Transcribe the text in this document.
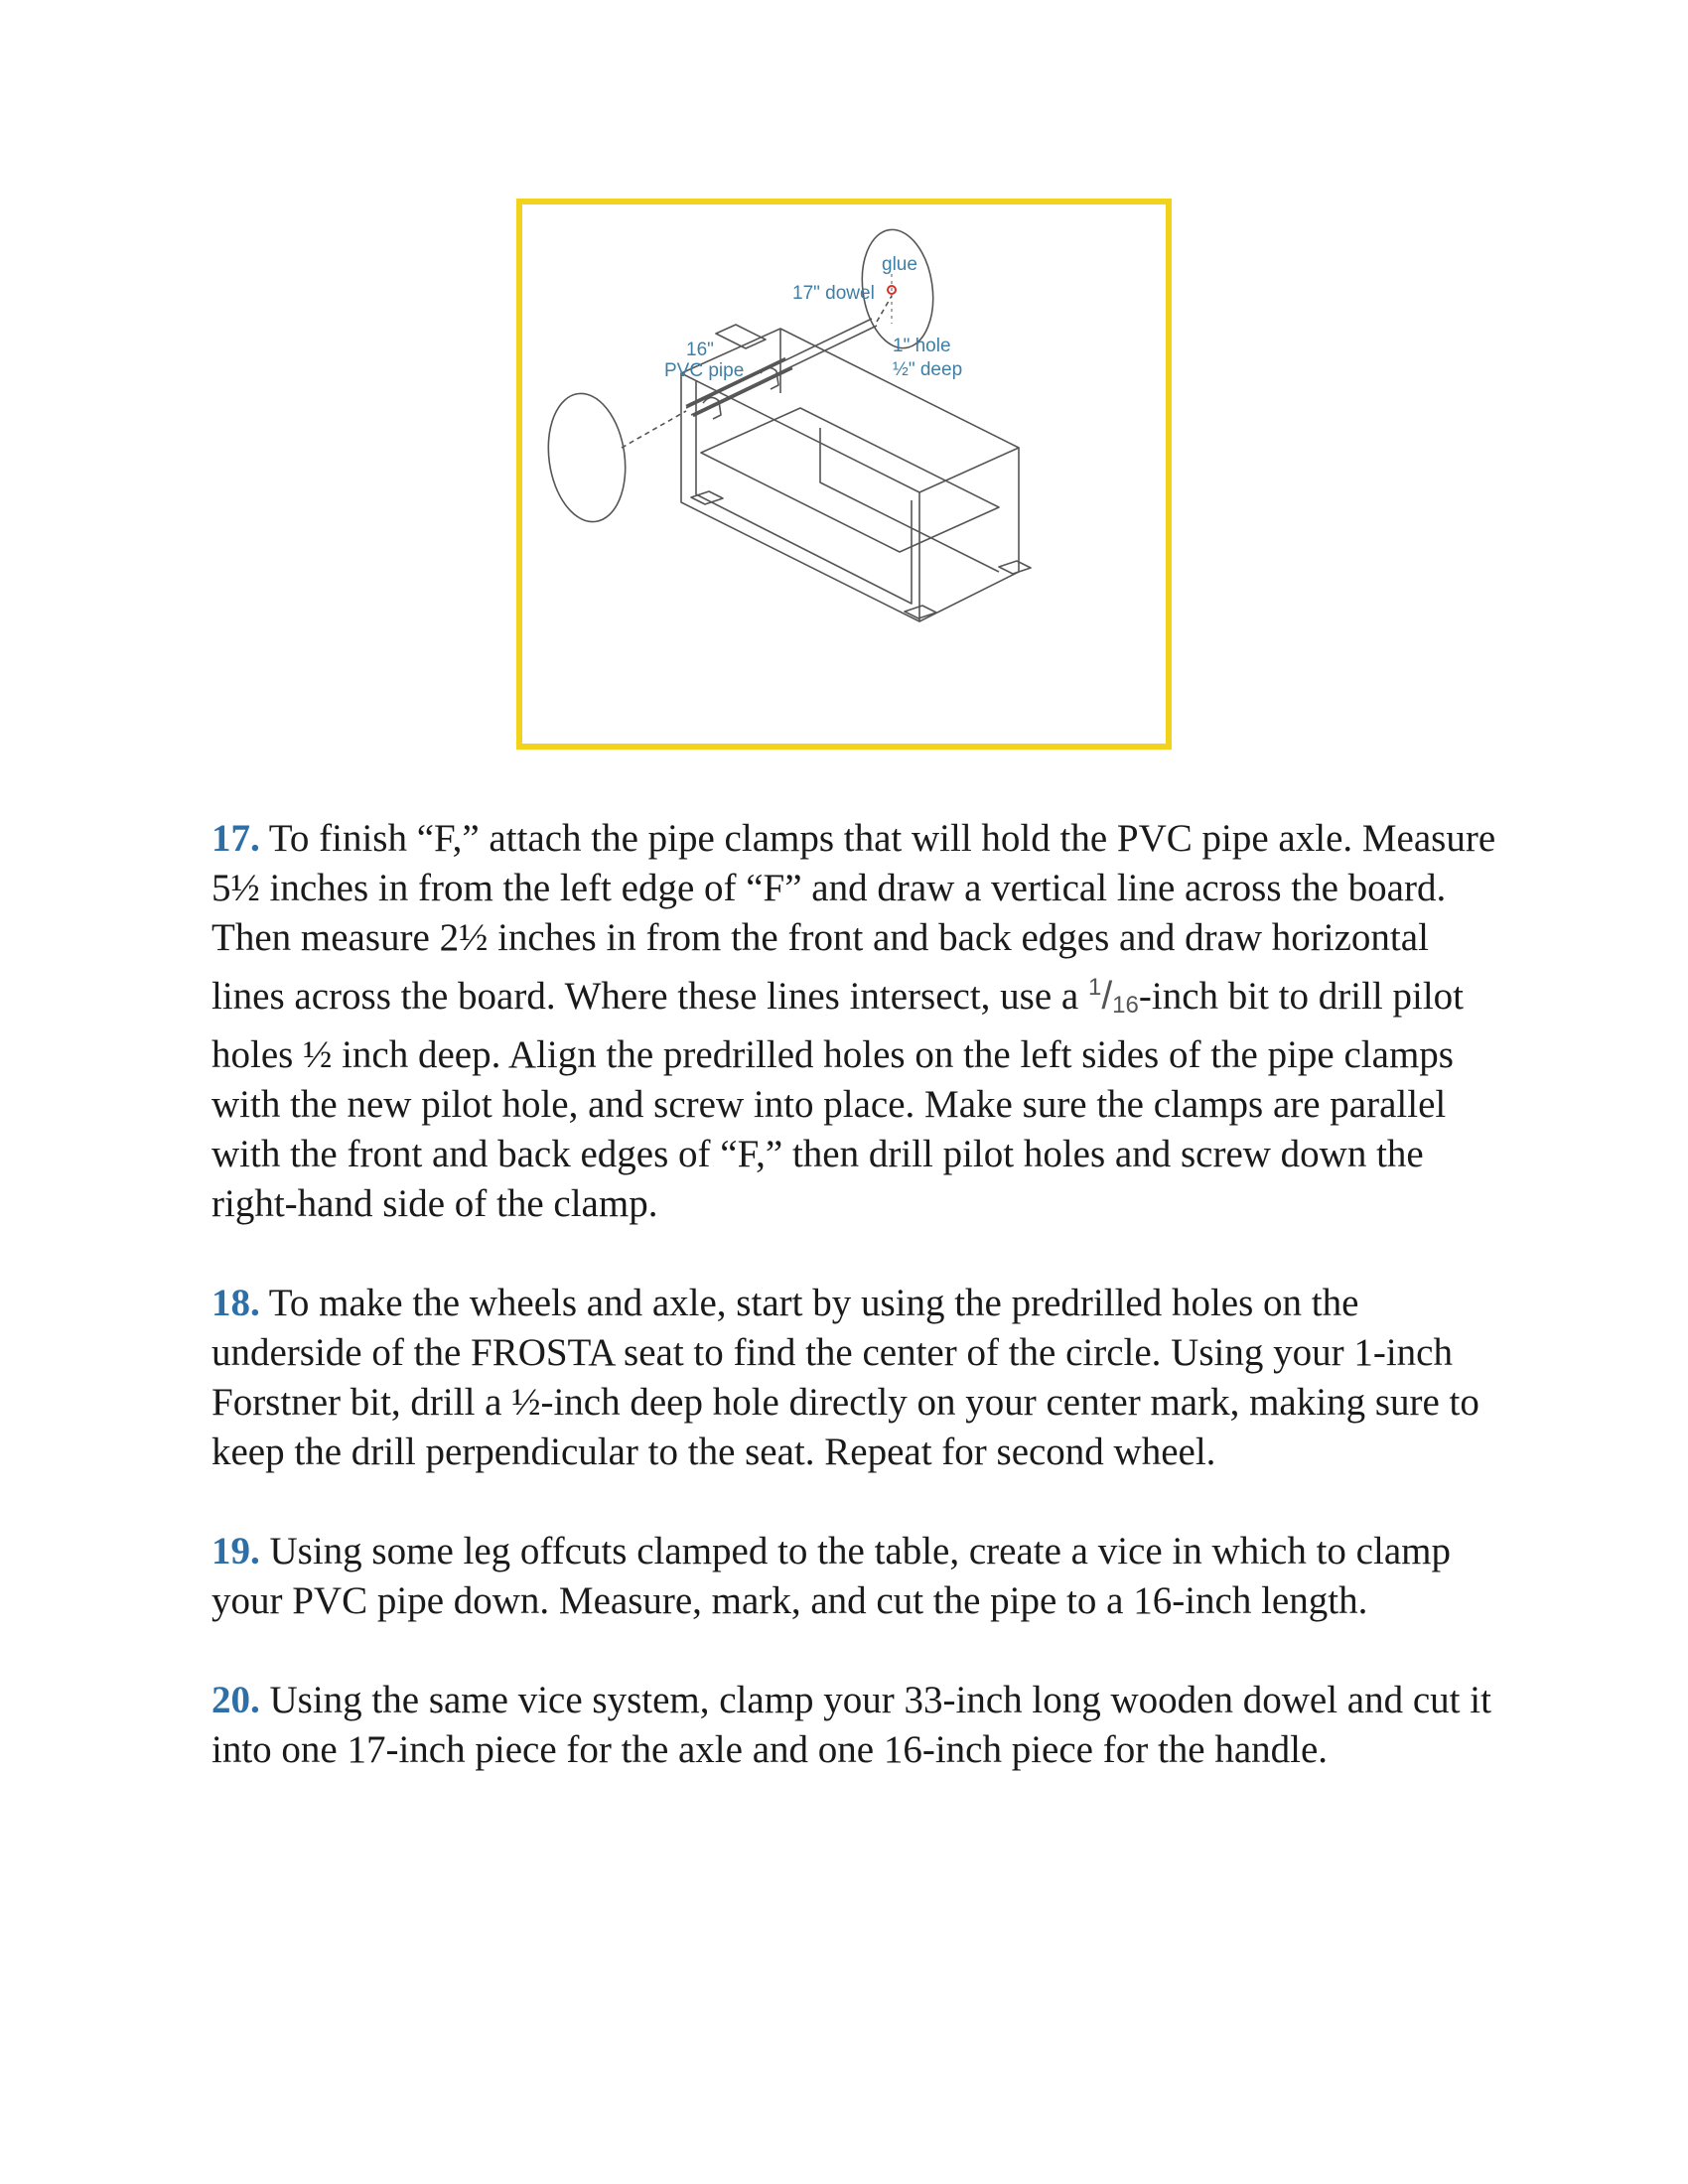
glue
17" dowel
16"
PVC pipe
1" hole
½" deep

17. To finish “F,” attach the pipe clamps that will hold the PVC pipe axle. Measure 5½ inches in from the left edge of “F” and draw a vertical line across the board. Then measure 2½ inches in from the front and back edges and draw horizontal lines across the board. Where these lines intersect, use a $^1$/16-inch bit to drill pilot holes ½ inch deep. Align the predrilled holes on the left sides of the pipe clamps with the new pilot hole, and screw into place. Make sure the clamps are parallel with the front and back edges of “F,” then drill pilot holes and screw down the right-hand side of the clamp.

18. To make the wheels and axle, start by using the predrilled holes on the underside of the FROSTA seat to find the center of the circle. Using your 1-inch Forstner bit, drill a ½-inch deep hole directly on your center mark, making sure to keep the drill perpendicular to the seat. Repeat for second wheel.

19. Using some leg offcuts clamped to the table, create a vice in which to clamp your PVC pipe down. Measure, mark, and cut the pipe to a 16-inch length.

20. Using the same vice system, clamp your 33-inch long wooden dowel and cut it into one 17-inch piece for the axle and one 16-inch piece for the handle.
